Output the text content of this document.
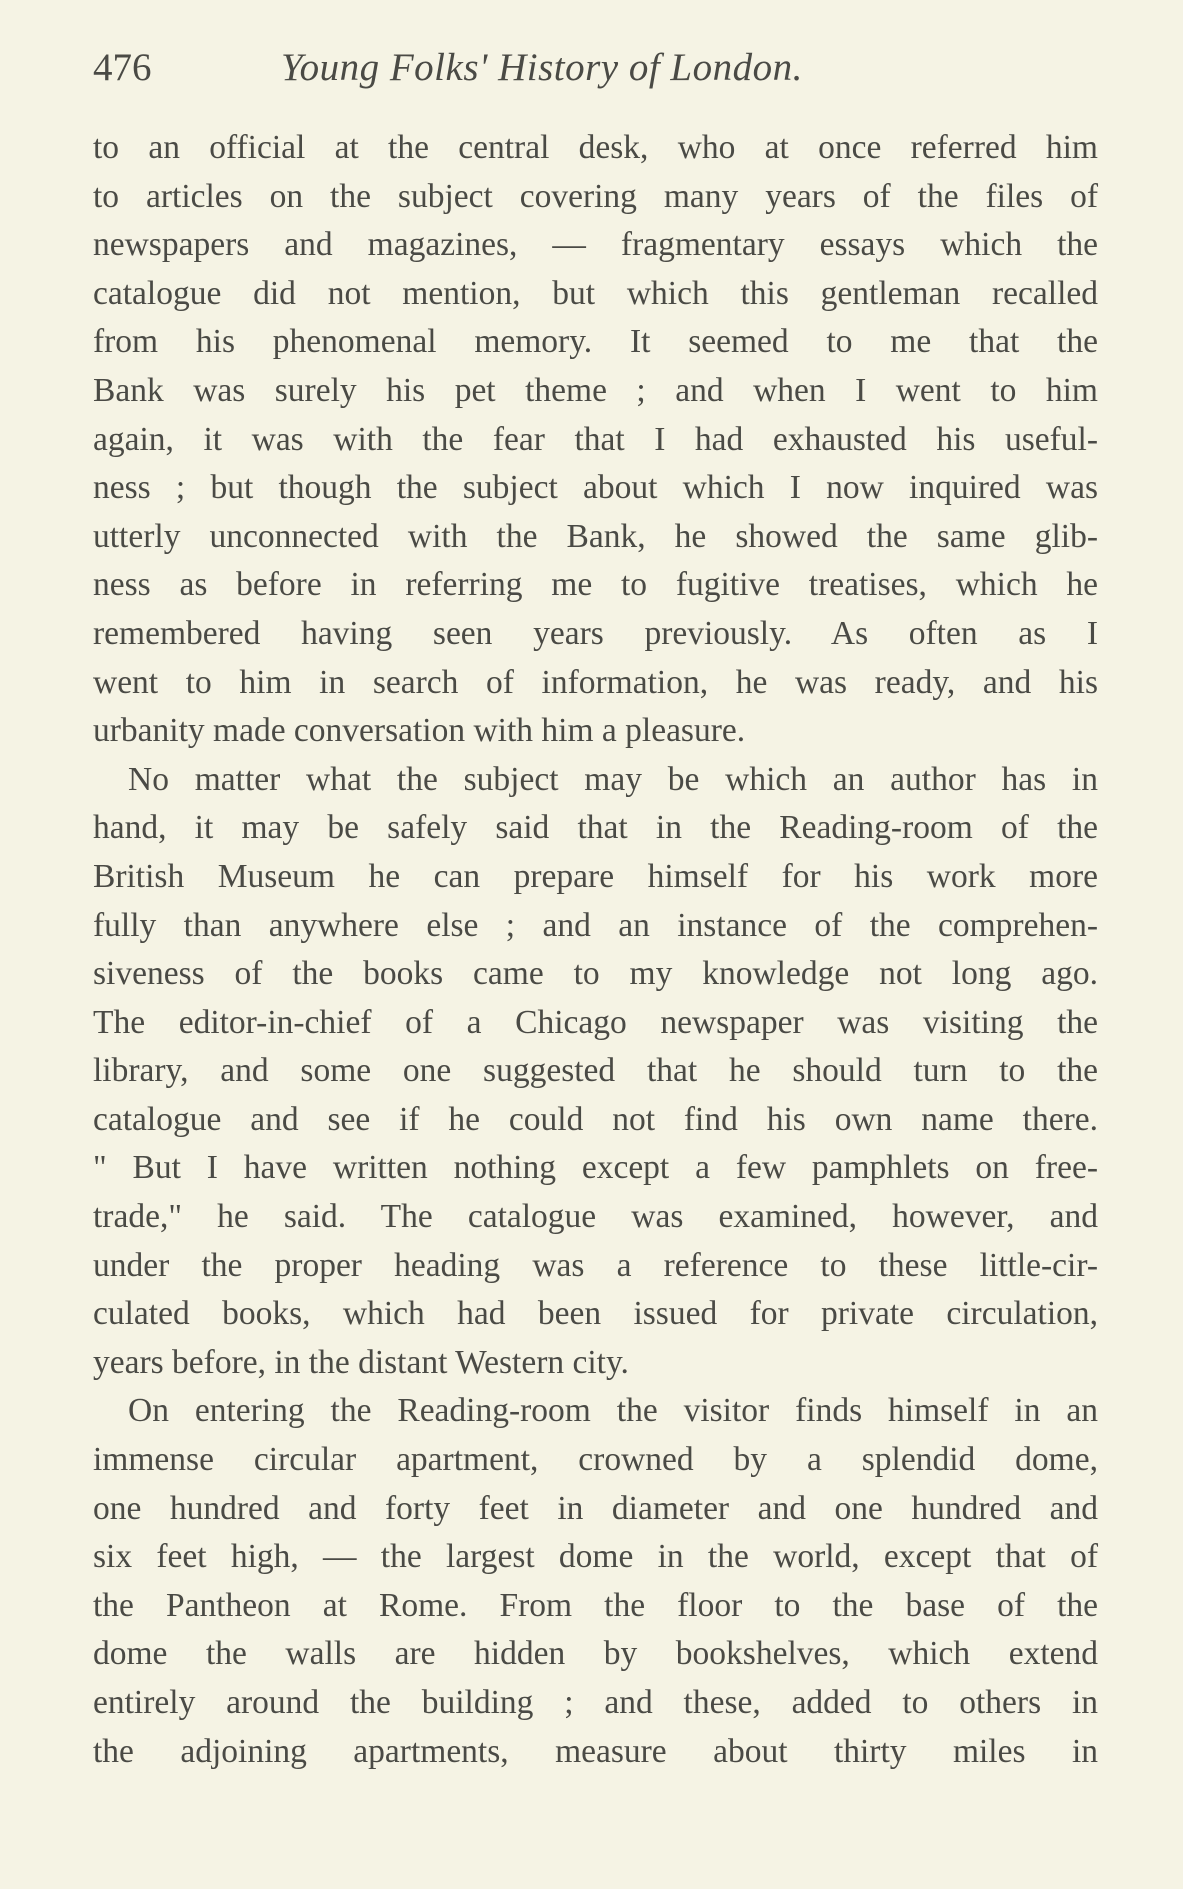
476	Young Folks' History of London.
to an official at the central desk, who at once referred him
to articles on the subject covering many years of the files of
newspapers and magazines, — fragmentary essays which the
catalogue did not mention, but which this gentleman recalled
from his phenomenal memory. It seemed to me that the
Bank was surely his pet theme ; and when I went to him
again, it was with the fear that I had exhausted his useful-
ness ; but though the subject about which I now inquired was
utterly unconnected with the Bank, he showed the same glib-
ness as before in referring me to fugitive treatises, which he
remembered having seen years previously. As often as I
went to him in search of information, he was ready, and his
urbanity made conversation with him a pleasure.
No matter what the subject may be which an author has in
hand, it may be safely said that in the Reading-room of the
British Museum he can prepare himself for his work more
fully than anywhere else ; and an instance of the comprehen-
siveness of the books came to my knowledge not long ago.
The editor-in-chief of a Chicago newspaper was visiting the
library, and some one suggested that he should turn to the
catalogue and see if he could not find his own name there.
" But I have written nothing except a few pamphlets on free-
trade," he said. The catalogue was examined, however, and
under the proper heading was a reference to these little-cir-
culated books, which had been issued for private circulation,
years before, in the distant Western city.
On entering the Reading-room the visitor finds himself in an
immense circular apartment, crowned by a splendid dome,
one hundred and forty feet in diameter and one hundred and
six feet high, — the largest dome in the world, except that of
the Pantheon at Rome. From the floor to the base of the
dome the walls are hidden by bookshelves, which extend
entirely around the building ; and these, added to others in
the adjoining apartments, measure about thirty miles in
